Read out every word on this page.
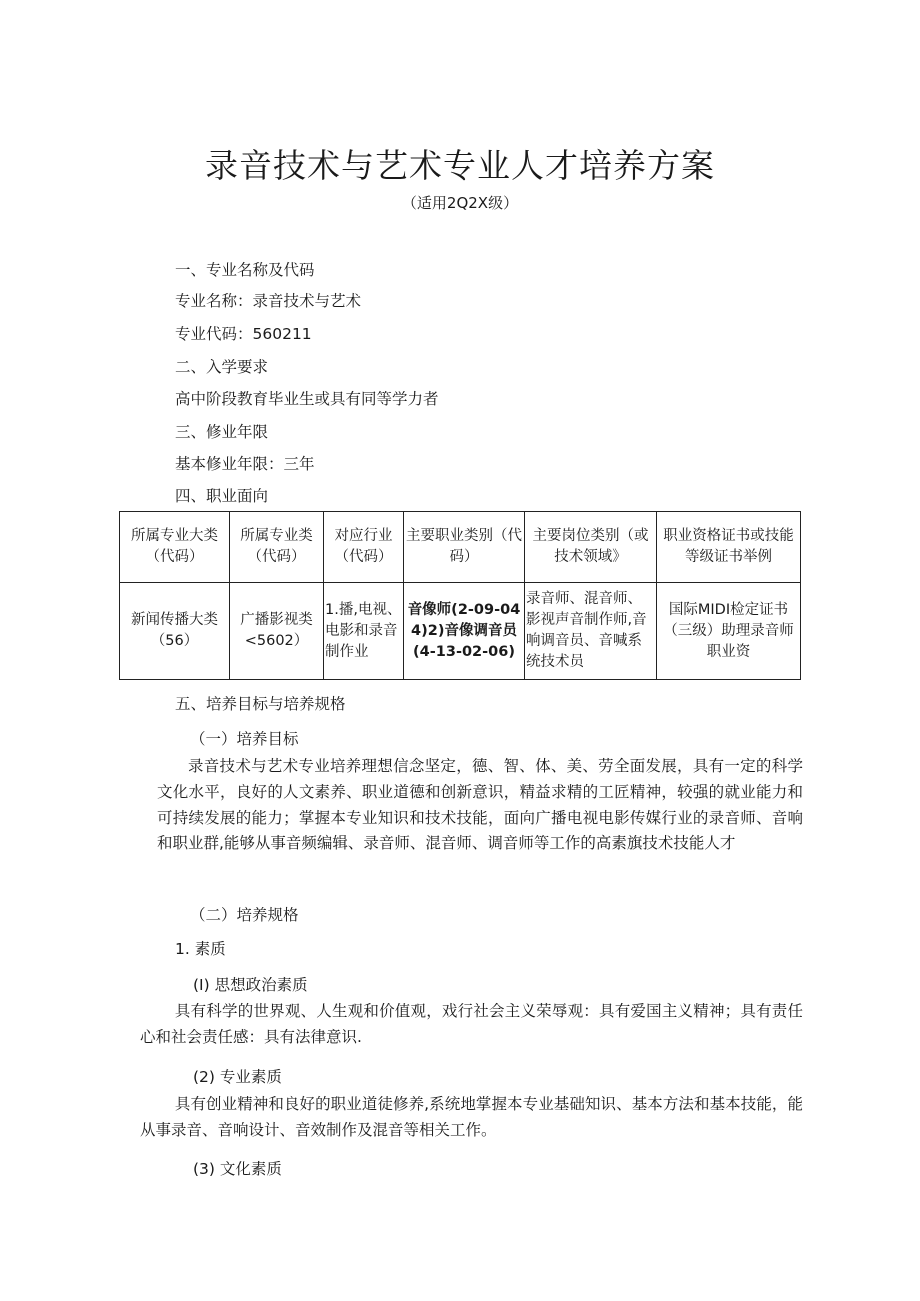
录音技术与艺术专业人才培养方案
（适用2Q2X级）

一、专业名称及代码

专业名称：录音技术与艺术

专业代码：560211

二、入学要求

高中阶段教育毕业生或具有同等学力者

三、修业年限

基本修业年限：三年

四、职业面向

所属专业大类（代码）	所属专业类（代码）	对应行业（代码）	主要职业类别（代码）	主要岗位类别（或技术领域》	职业资格证书或技能等级证书举例
新闻传播大类（56）	广播影视类<5602）	1.播,电视、电影和录音制作业	音像师(2-09-044)2)音像调音员(4-13-02-06)	录音师、混音师、影视声音制作师,音响调音员、音喊系统技术员	国际MIDI检定证书（三级）助理录音师职业资

五、培养目标与培养规格

（一）培养目标

录音技术与艺术专业培养理想信念坚定，德、智、体、美、劳全面发展，具有一定的科学文化水平，良好的人文素养、职业道德和创新意识，精益求精的工匠精神，较强的就业能力和可持续发展的能力；掌握本专业知识和技术技能，面向广播电视电影传媒行业的录音师、音响和职业群,能够从事音频编辑、录音师、混音师、调音师等工作的高素旗技术技能人才

（二）培养规格

1. 素质

(I) 思想政治素质

具有科学的世界观、人生观和价值观，戏行社会主义荣辱观：具有爱国主义精神；具有责任心和社会责任感：具有法律意识.

(2) 专业素质

具有创业精神和良好的职业道徒修养,系统地掌握本专业基础知识、基本方法和基本技能，能从事录音、音响设计、音效制作及混音等相关工作。

(3) 文化素质
